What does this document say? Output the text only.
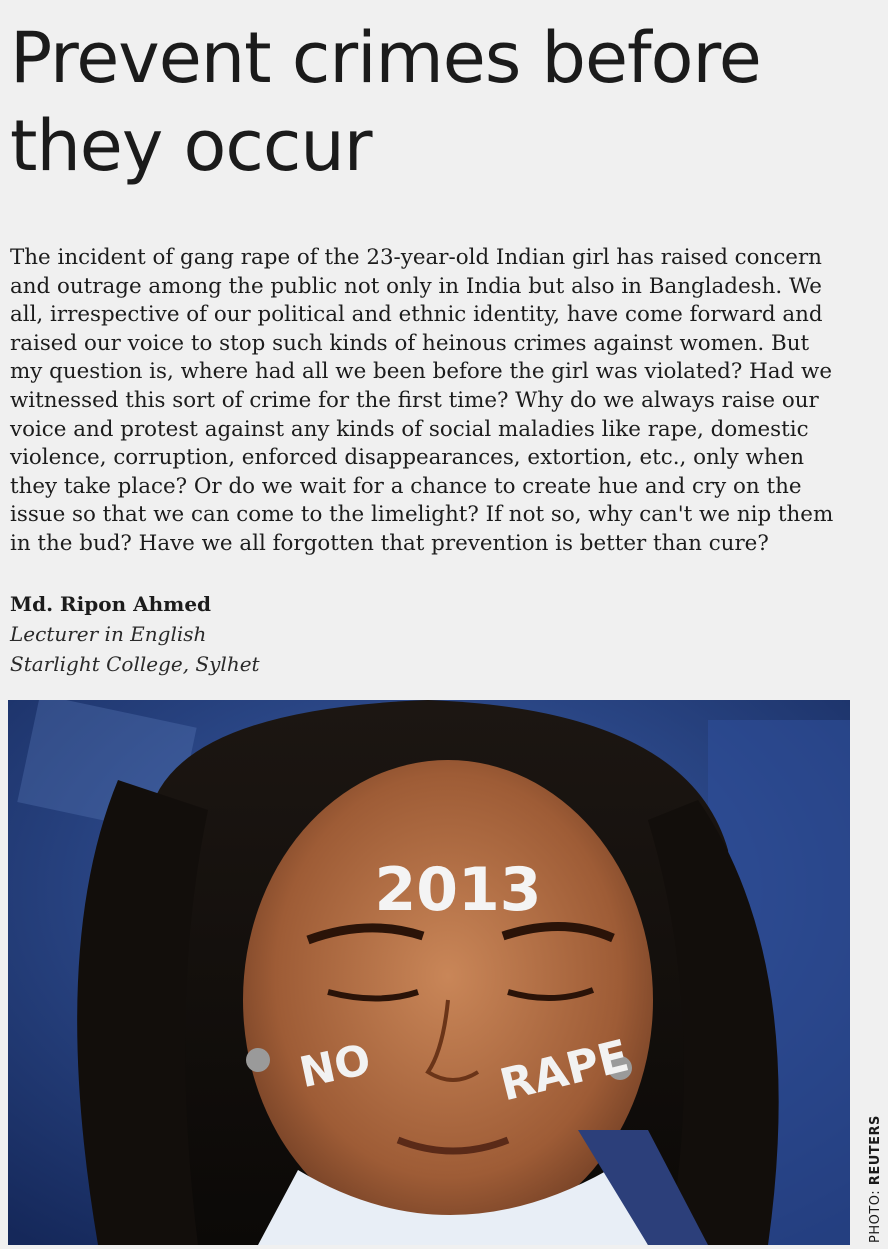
Prevent crimes before
they occur
The incident of gang rape of the 23-year-old Indian girl has raised concern
and outrage among the public not only in India but also in Bangladesh. We
all, irrespective of our political and ethnic identity, have come forward and
raised our voice to stop such kinds of heinous crimes against women. But
my question is, where had all we been before the girl was violated? Had we
witnessed this sort of crime for the first time? Why do we always raise our
voice and protest against any kinds of social maladies like rape, domestic
violence, corruption, enforced disappearances, extortion, etc., only when
they take place? Or do we wait for a chance to create hue and cry on the
issue so that we can come to the limelight? If not so, why can't we nip them
in the bud? Have we all forgotten that prevention is better than cure?
Md. Ripon Ahmed
Lecturer in English
Starlight College, Sylhet
2013
NO	RAPE
PHOTO: REUTERS
